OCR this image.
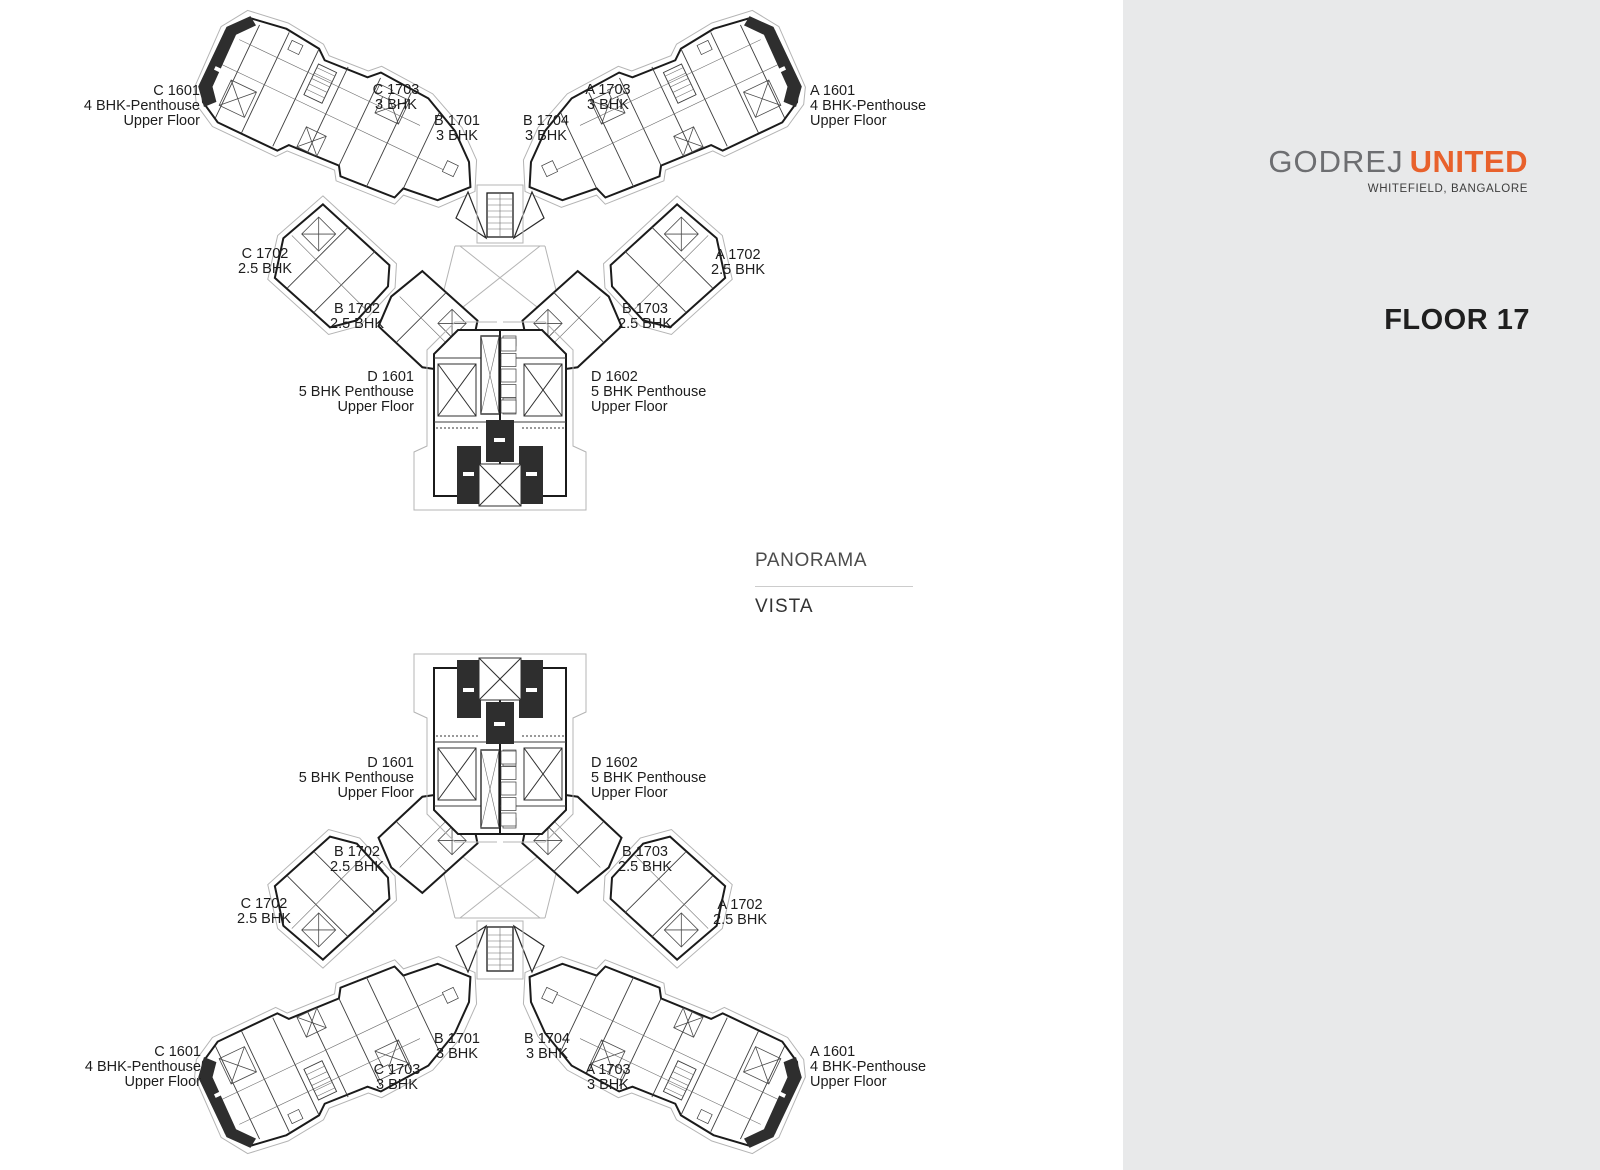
C 1601
4 BHK-Penthouse
Upper Floor
C 1703
3 BHK
A 1703
3 BHK
B 1701
3 BHK
B 1704
3 BHK
A 1601
4 BHK-Penthouse
Upper Floor
C 1702
2.5 BHK
A 1702
2.5 BHK
B 1702
2.5 BHK
B 1703
2.5 BHK
D 1601
5 BHK Penthouse
Upper Floor
D 1602
5 BHK Penthouse
Upper Floor
D 1601
5 BHK Penthouse
Upper Floor
D 1602
5 BHK Penthouse
Upper Floor
B 1702
2.5 BHK
B 1703
2.5 BHK
C 1702
2.5 BHK
A 1702
2.5 BHK
B 1701
3 BHK
B 1704
3 BHK
C 1703
3 BHK
A 1703
3 BHK
C 1601
4 BHK-Penthouse
Upper Floor
A 1601
4 BHK-Penthouse
Upper Floor
PANORAMA
VISTA
GODREJ UNITED
WHITEFIELD, BANGALORE
FLOOR 17
